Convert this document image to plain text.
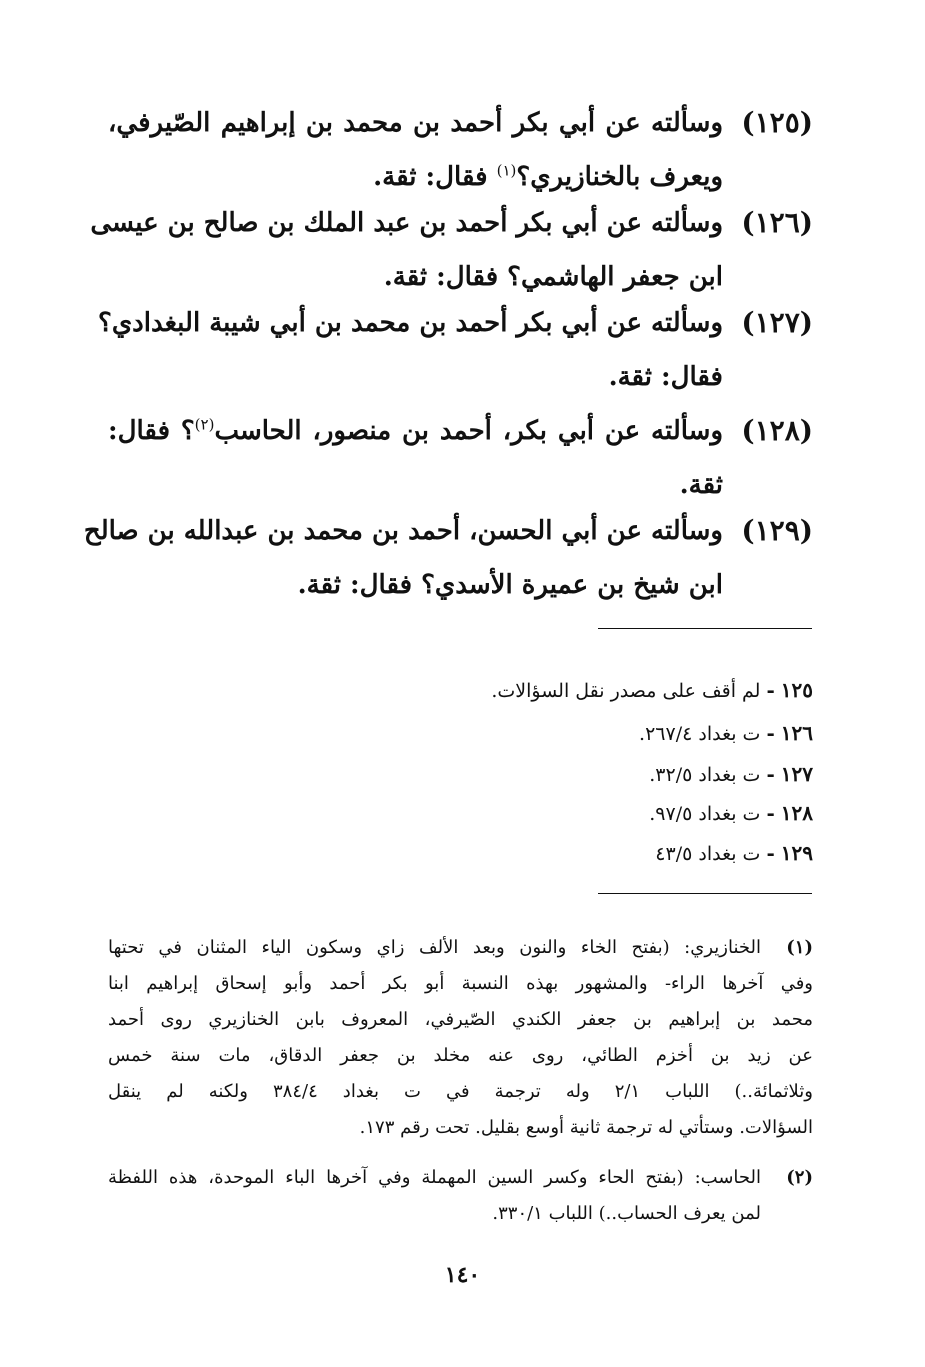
(١٢٥)
وسألته عن أبي بكر أحمد بن محمد بن إبراهيم الصّيرفي،
ويعرف بالخنازيري؟$^{(١)}$ فقال: ثقة.
(١٢٦)
وسألته عن أبي بكر أحمد بن عبد الملك بن صالح بن عيسى
ابن جعفر الهاشمي؟ فقال: ثقة.
(١٢٧)
وسألته عن أبي بكر أحمد بن محمد بن أبي شيبة البغدادي؟
فقال: ثقة.
(١٢٨)
وسألته عن أبي بكر، أحمد بن منصور، الحاسب$^{(٢)}$؟ فقال:
ثقة.
(١٢٩)
وسألته عن أبي الحسن، أحمد بن محمد بن عبدالله بن صالح
ابن شيخ بن عميرة الأسدي؟ فقال: ثقة.
١٢٥-لم أقف على مصدر نقل السؤالات.
١٢٦-ت بغداد ٢٦٧/٤.
١٢٧-ت بغداد ٣٢/٥.
١٢٨-ت بغداد ٩٧/٥.
١٢٩-ت بغداد ٤٣/٥
(١)
الخنازيري: (بفتح الخاء والنون وبعد الألف زاي وسكون الياء المثنان في تحتها
وفي آخرها الراء- والمشهور بهذه النسبة أبو بكر أحمد وأبو إسحاق إبراهيم ابنا
محمد بن إبراهيم بن جعفر الكندي الصّيرفي، المعروف بابن الخنازيري روى أحمد
عن زيد بن أخزم الطائي، روى عنه مخلد بن جعفر الدقاق، مات سنة خمس
وثلاثمائة..) اللباب ٢/١ وله ترجمة في ت بغداد ٣٨٤/٤ ولكنه لم ينقل
السؤالات. وستأتي له ترجمة ثانية أوسع بقليل. تحت رقم ١٧٣.
(٢)
الحاسب: (بفتح الحاء وكسر السين المهملة وفي آخرها الباء الموحدة، هذه اللفظة
لمن يعرف الحساب..) اللباب ٣٣٠/١.
١٤٠
